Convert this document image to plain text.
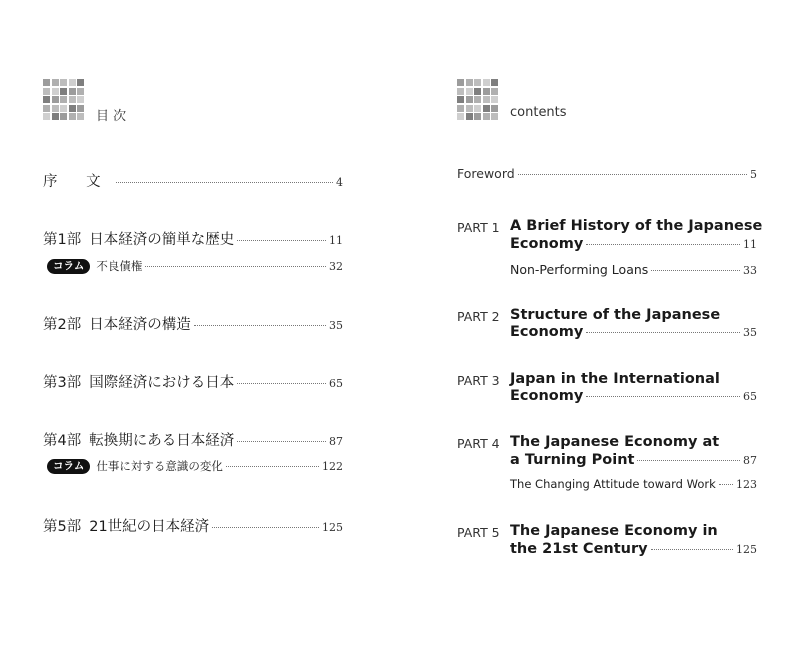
目 次
序 文	4
第1部 日本経済の簡単な歴史	11
コラム	不良債権	32
第2部 日本経済の構造	35
第3部 国際経済における日本	65
第4部 転換期にある日本経済	87
コラム	仕事に対する意識の変化	122
第5部 21世紀の日本経済	125
contents
Foreword	5
PART 1 A Brief History of the Japanese
Economy	11
Non-Performing Loans	33
PART 2 Structure of the Japanese
Economy	35
PART 3 Japan in the International
Economy	65
PART 4 The Japanese Economy at
a Turning Point	87
The Changing Attitude toward Work 123
PART 5 The Japanese Economy in
the 21st Century	125
